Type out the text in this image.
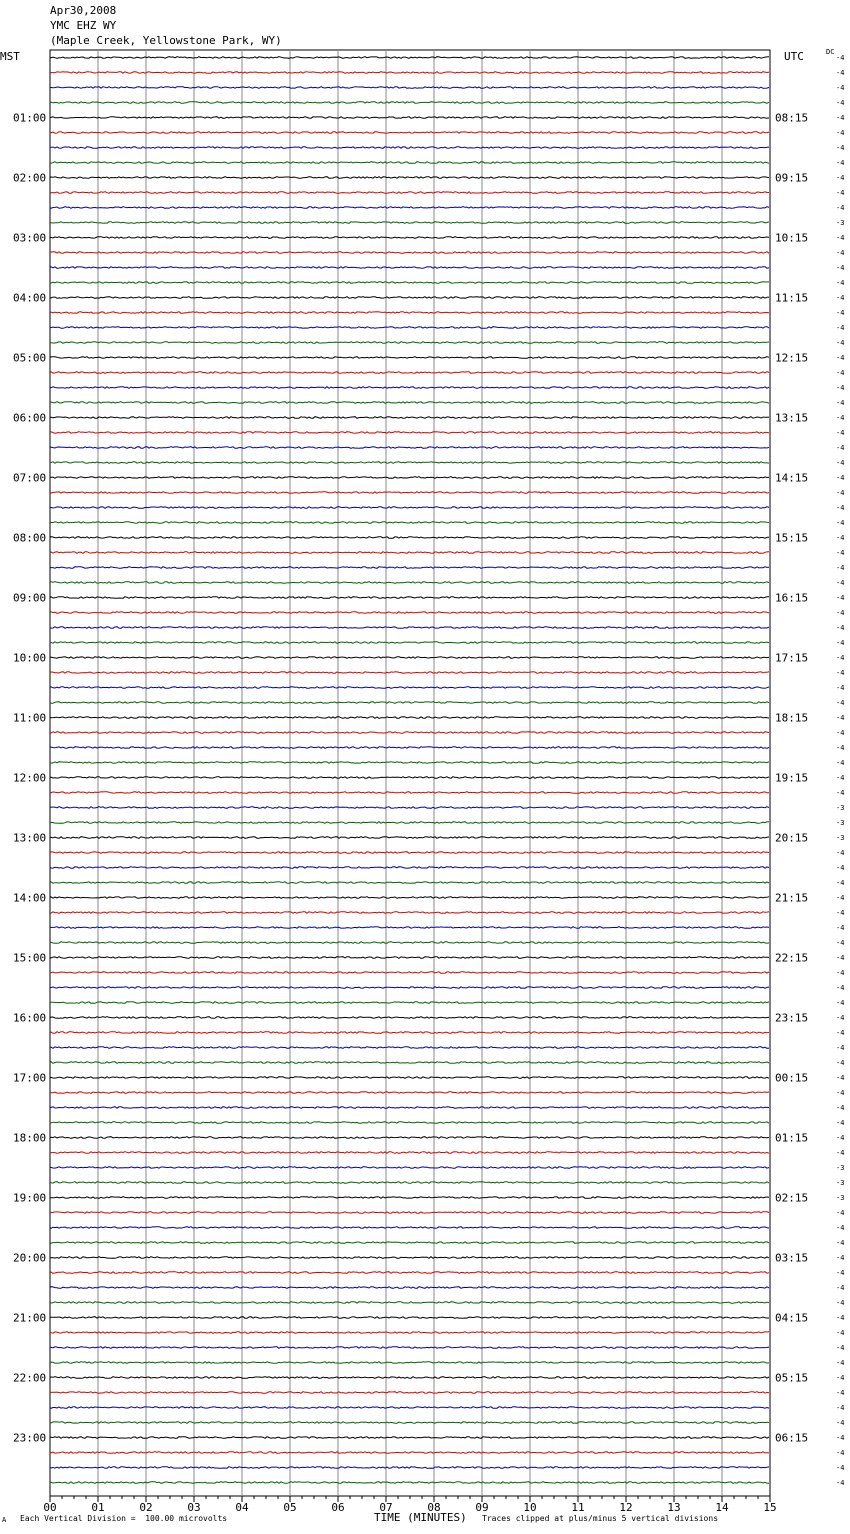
Apr30,2008
YMC EHZ WY
(Maple Creek, Yellowstone Park, WY)
MST	UTC	DC
-4
-4
-4
-4
-4
-4
-4
-4
-4
-4
-4
-3
-4
-4
-4
-4
-4
-4
-4
-4
-4
-4
-4
-4
-4
-4
-4
-4
-4
-4
-4
-4
-4
-4
-4
-4
-4
-4
-4
-4
-4
-4
-4
-4
-4
-4
-4
-4
-4
-4
-3
-3
-3
-4
-4
-4
-4
-4
-4
-4
-4
-4
-4
-4
-4
-4
-4
-4
-4
-4
-4
-4
-4
-4
-3
-3
-3
-4
-4
-4
-4
-4
-4
-4
-4
-4
-4
-4
-4
-4
-4
-4
-4
-4
-4
-4
01:00
02:00
03:00
04:00
05:00
06:00
07:00
08:00
09:00
10:00
11:00
12:00
13:00
14:00
15:00
16:00
17:00
18:00
19:00
20:00
21:00
22:00
23:00
08:15
09:15
10:15
11:15
12:15
13:15
14:15
15:15
16:15
17:15
18:15
19:15
20:15
21:15
22:15
23:15
00:15
01:15
02:15
03:15
04:15
05:15
06:15
00	01	02	03	04	05	06	07	08	09	10	11	12	13	14	15
A Each Vertical Division =  100.00 microvolts	TIME (MINUTES) Traces clipped at plus/minus 5 vertical divisions
